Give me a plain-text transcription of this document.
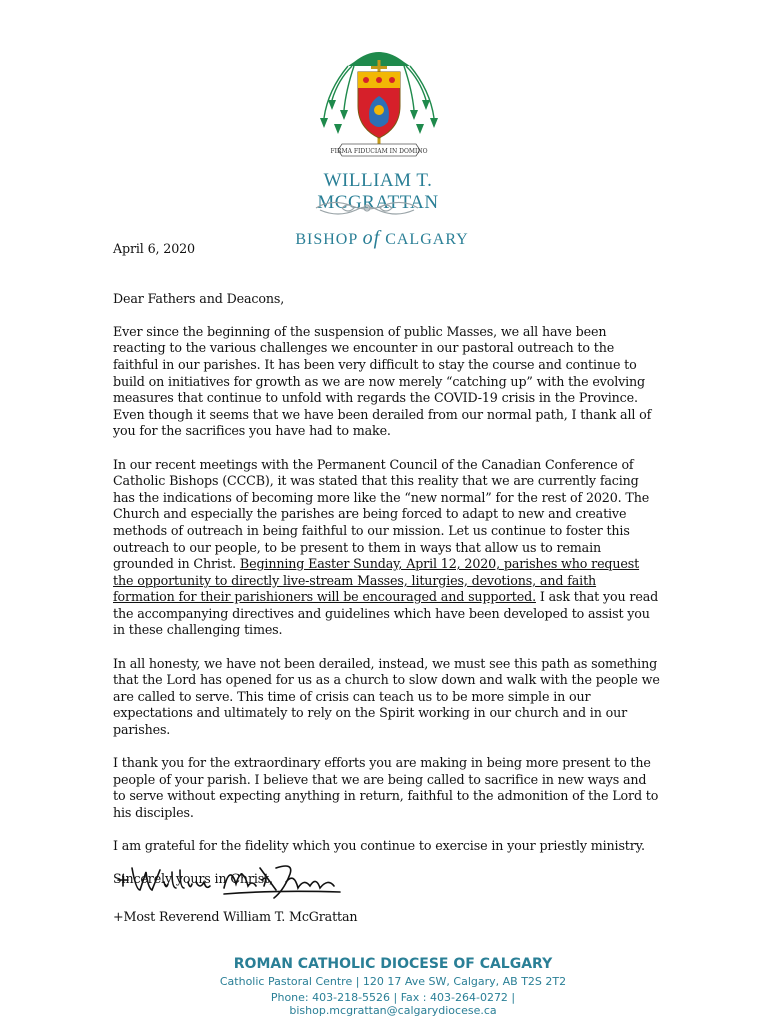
FIRMA FIDUCIAM IN DOMINO
WILLIAM T. MCGRATTAN
BISHOP of CALGARY

April 6, 2020

Dear Fathers and Deacons,

Ever since the beginning of the suspension of public Masses, we all have been reacting to the various challenges we encounter in our pastoral outreach to the faithful in our parishes. It has been very difficult to stay the course and continue to build on initiatives for growth as we are now merely “catching up” with the evolving measures that continue to unfold with regards the COVID-19 crisis in the Province. Even though it seems that we have been derailed from our normal path, I thank all of you for the sacrifices you have had to make.

In our recent meetings with the Permanent Council of the Canadian Conference of Catholic Bishops (CCCB), it was stated that this reality that we are currently facing has the indications of becoming more like the “new normal” for the rest of 2020. The Church and especially the parishes are being forced to adapt to new and creative methods of outreach in being faithful to our mission. Let us continue to foster this outreach to our people, to be present to them in ways that allow us to remain grounded in Christ. Beginning Easter Sunday, April 12, 2020, parishes who request the opportunity to directly live-stream Masses, liturgies, devotions, and faith formation for their parishioners will be encouraged and supported. I ask that you read the accompanying directives and guidelines which have been developed to assist you in these challenging times.

In all honesty, we have not been derailed, instead, we must see this path as something that the Lord has opened for us as a church to slow down and walk with the people we are called to serve. This time of crisis can teach us to be more simple in our expectations and ultimately to rely on the Spirit working in our church and in our parishes.

I thank you for the extraordinary efforts you are making in being more present to the people of your parish. I believe that we are being called to sacrifice in new ways and to serve without expecting anything in return, faithful to the admonition of the Lord to his disciples.

I am grateful for the fidelity which you continue to exercise in your priestly ministry.

Sincerely yours in Christ,

+William McGrattan

+Most Reverend William T. McGrattan

ROMAN CATHOLIC DIOCESE OF CALGARY
Catholic Pastoral Centre | 120 17 Ave SW, Calgary, AB T2S 2T2
Phone: 403-218-5526 | Fax : 403-264-0272 | bishop.mcgrattan@calgarydiocese.ca
